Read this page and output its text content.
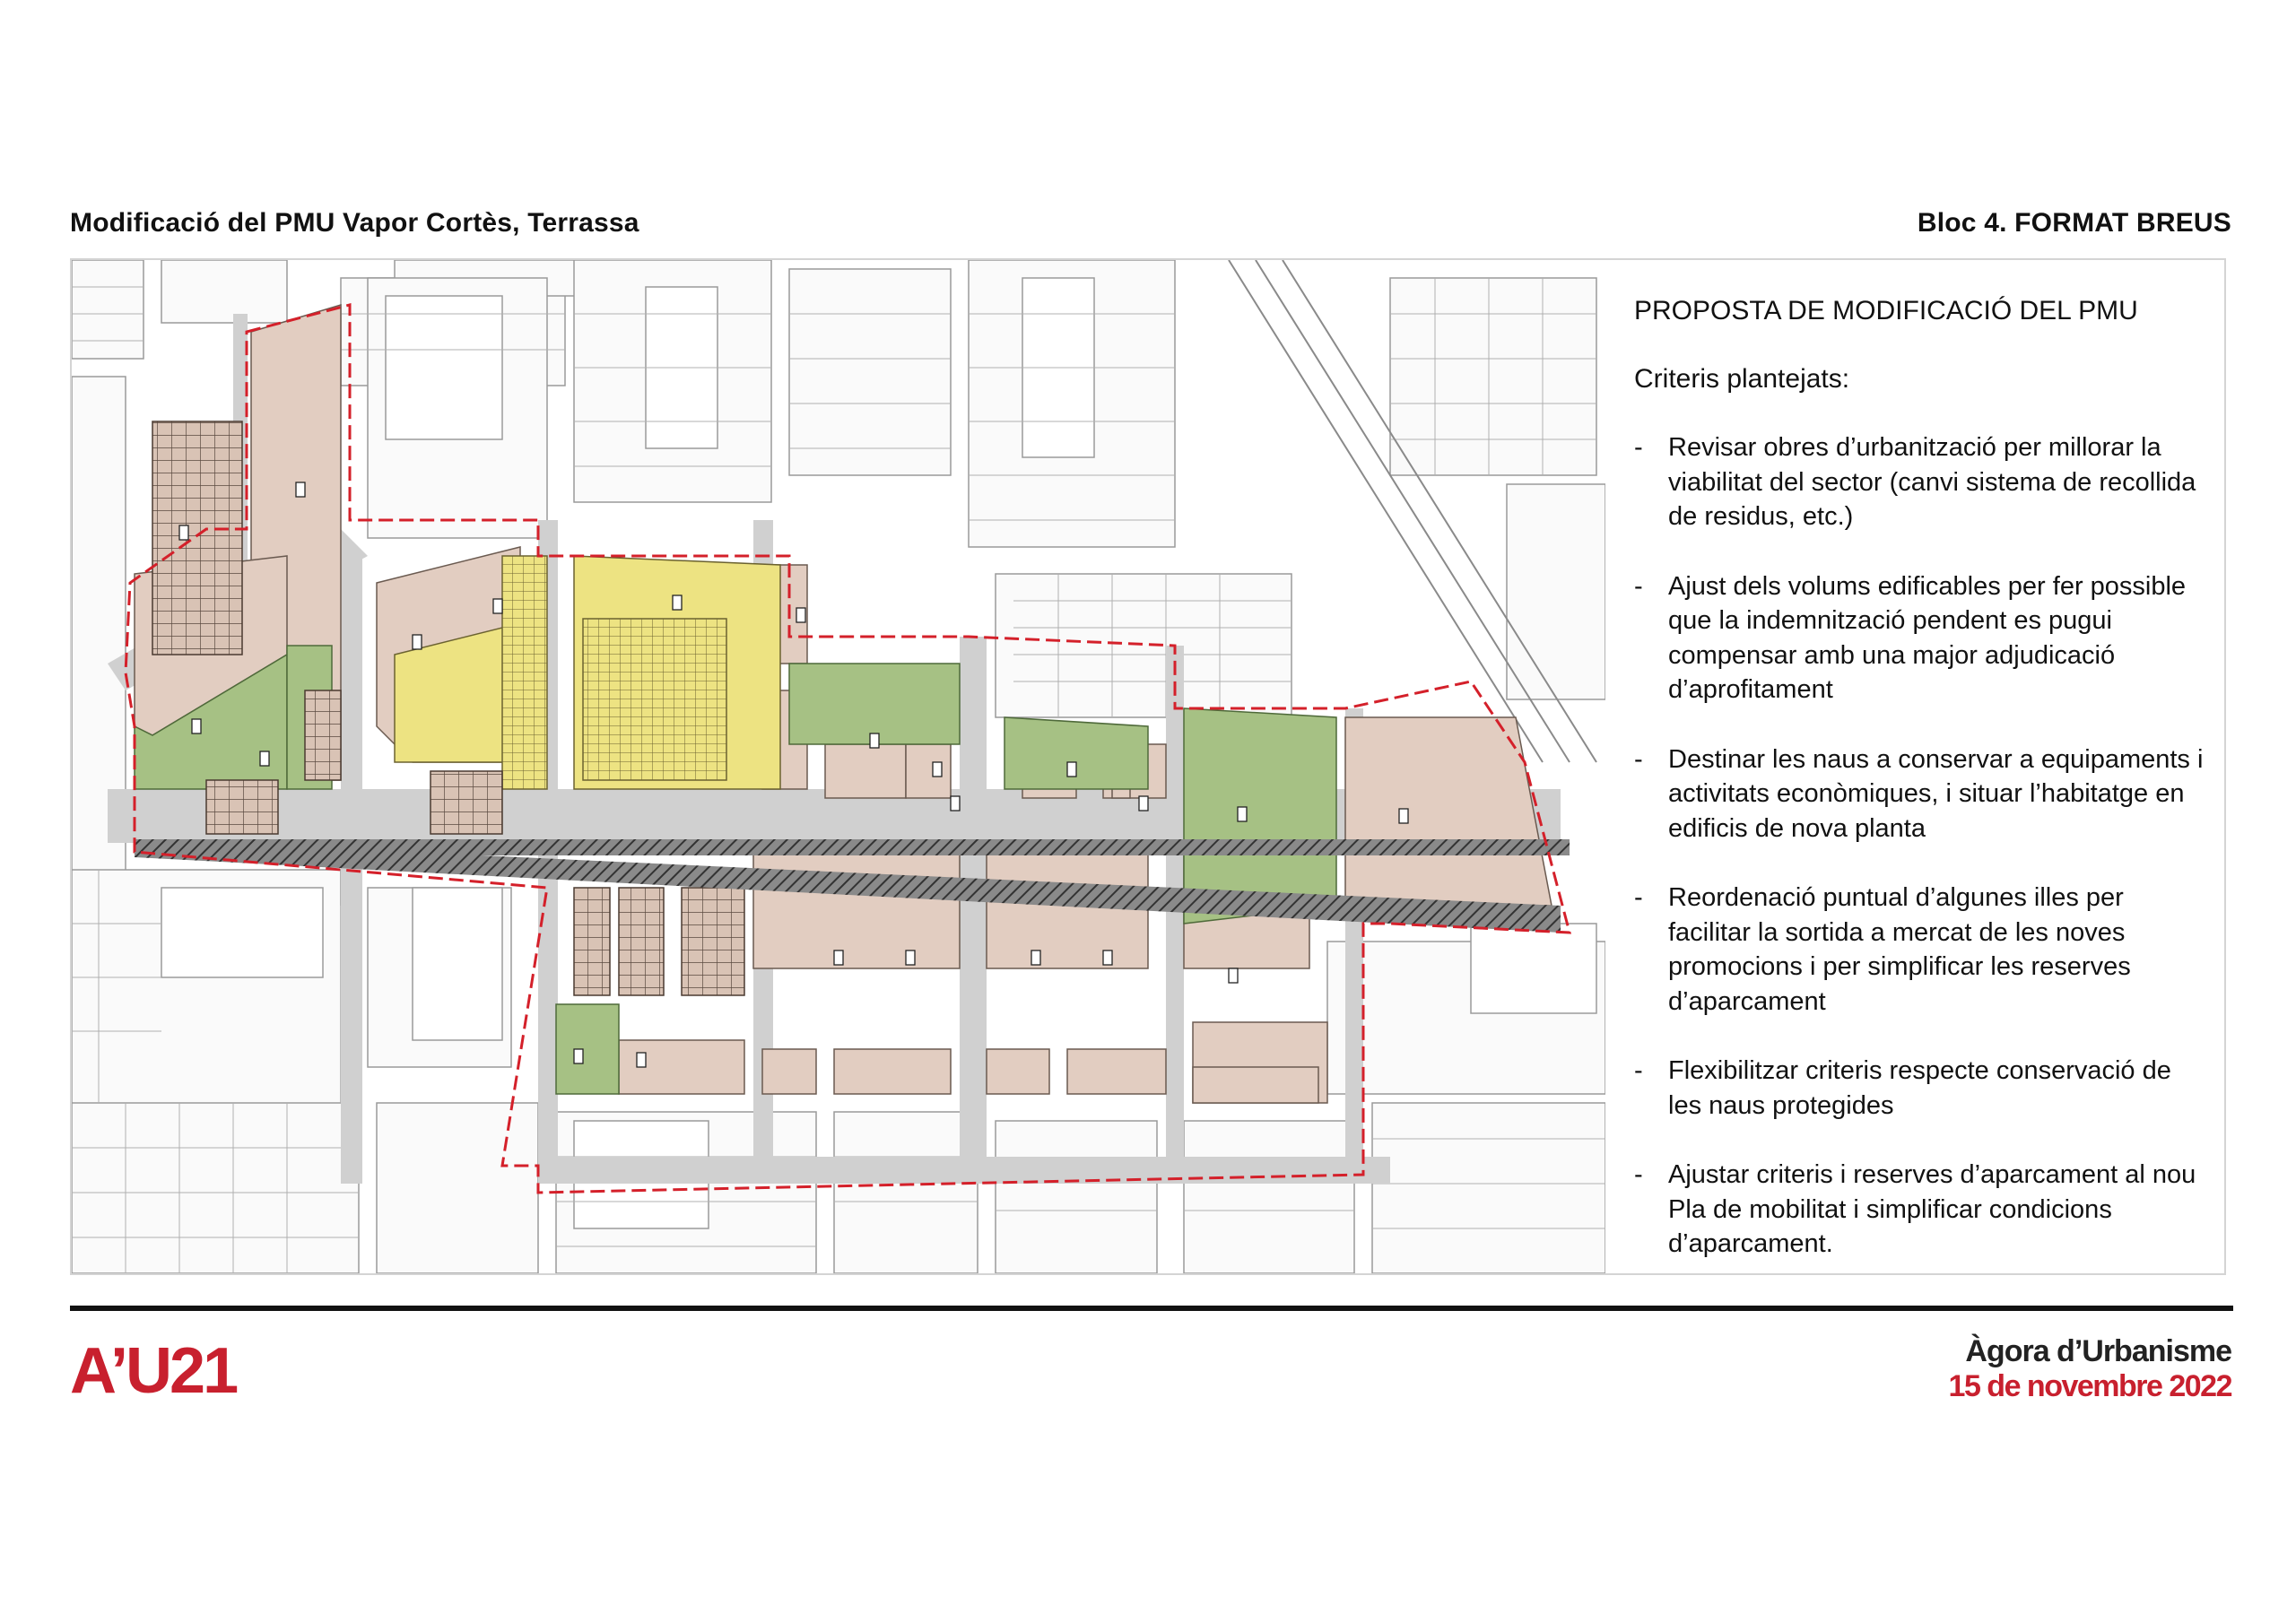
Modificació del PMU Vapor Cortès, Terrassa	Bloc 4. FORMAT BREUS
PROPOSTA DE MODIFICACIÓ DEL PMU
Criteris plantejats:
- Revisar obres d’urbanització per millorar la viabilitat del sector (canvi sistema de recollida de residus, etc.)
- Ajust dels volums edificables per fer possible que la indemnització pendent es pugui compensar amb una major adjudicació d’aprofitament
- Destinar les naus a conservar a equipaments i activitats econòmiques, i situar l’habitatge en edificis de nova planta
- Reordenació puntual d’algunes illes per facilitar la sortida a mercat de les noves promocions i per simplificar les reserves d’aparcament
- Flexibilitzar criteris respecte conservació de les naus protegides
- Ajustar criteris i reserves d’aparcament al nou Pla de mobilitat i simplificar condicions d’aparcament.
A’U21	Àgora d’Urbanisme
15 de novembre 2022
